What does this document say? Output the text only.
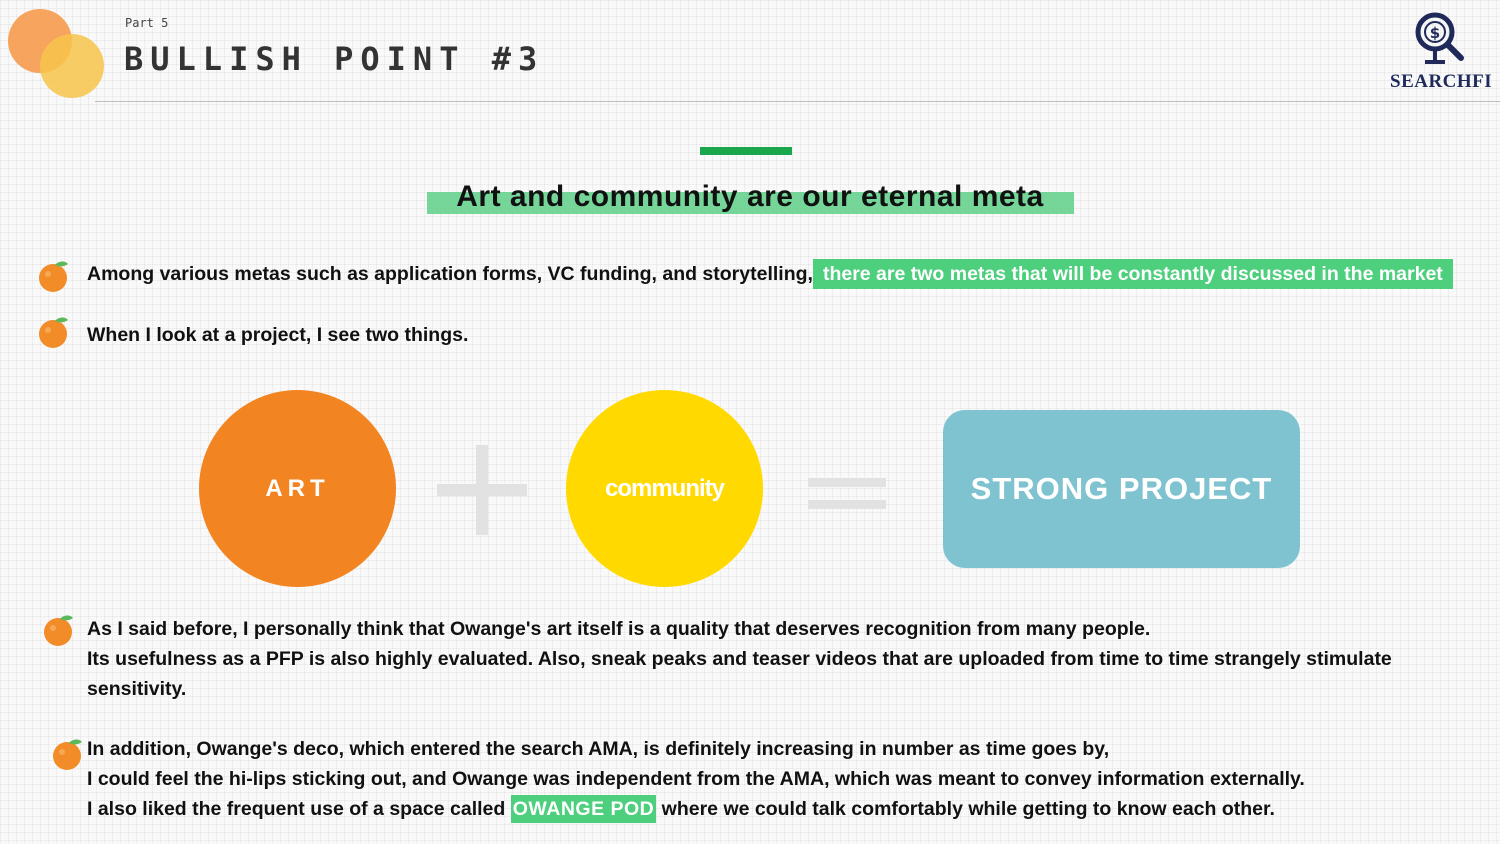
Part 5
BULLISH POINT #3
$
SEARCHFI
Art and community are our eternal meta
Among various metas such as application forms, VC funding, and storytelling, there are two metas that will be constantly discussed in the market
When I look at a project, I see two things.
ART	community	STRONG PROJECT
As I said before, I personally think that Owange's art itself is a quality that deserves recognition from many people.
Its usefulness as a PFP is also highly evaluated. Also, sneak peaks and teaser videos that are uploaded from time to time strangely stimulate
sensitivity.
In addition, Owange's deco, which entered the search AMA, is definitely increasing in number as time goes by,
I could feel the hi-lips sticking out, and Owange was independent from the AMA, which was meant to convey information externally.
I also liked the frequent use of a space called OWANGE POD where we could talk comfortably while getting to know each other.
